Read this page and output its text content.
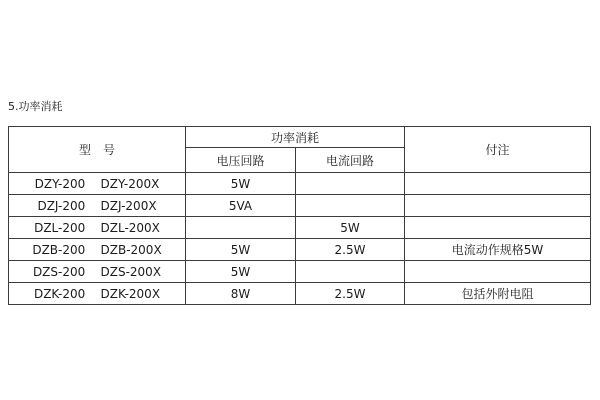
5.功率消耗
型　号	功率消耗		付注
	电压回路	电流回路	
DZY-200    DZY-200X	5W		
DZJ-200    DZJ-200X	5VA		
DZL-200    DZL-200X		5W	
DZB-200    DZB-200X	5W	2.5W	电流动作规格5W
DZS-200    DZS-200X	5W		
DZK-200    DZK-200X	8W	2.5W	包括外附电阻
